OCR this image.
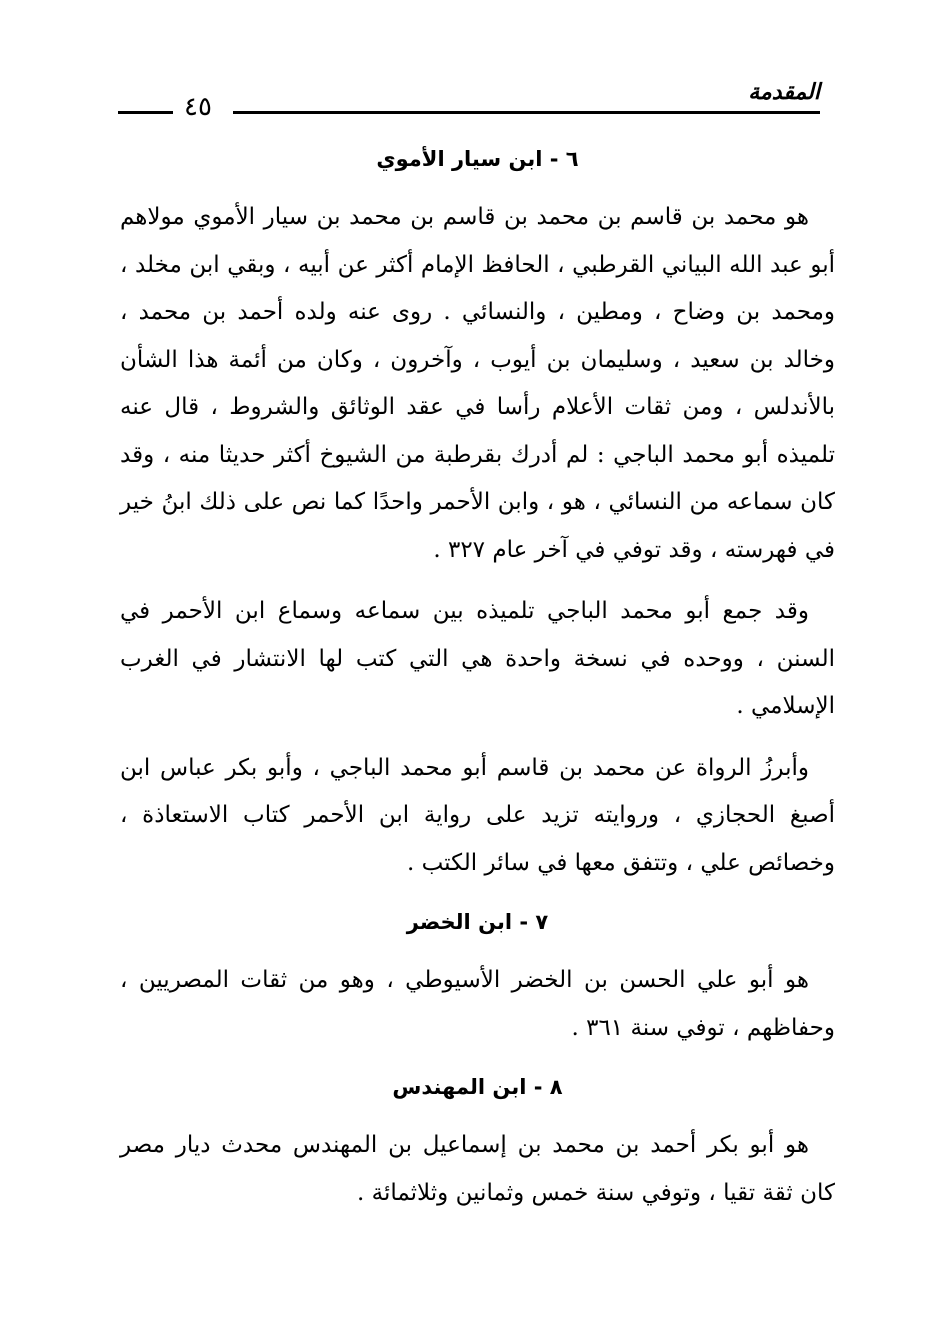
المقدمة
٤٥
٦ - ابن سيار الأموي

هو محمد بن قاسم بن محمد بن قاسم بن محمد بن سيار الأموي مولاهم أبو عبد الله البياني القرطبي ، الحافظ الإمام أكثر عن أبيه ، وبقي ابن مخلد ، ومحمد بن وضاح ، ومطين ، والنسائي . روى عنه ولده أحمد بن محمد ، وخالد بن سعيد ، وسليمان بن أيوب ، وآخرون ، وكان من أئمة هذا الشأن بالأندلس ، ومن ثقات الأعلام رأسا في عقد الوثائق والشروط ، قال عنه تلميذه أبو محمد الباجي : لم أدرك بقرطبة من الشيوخ أكثر حديثا منه ، وقد كان سماعه من النسائي ، هو ، وابن الأحمر واحدًا كما نص على ذلك ابنُ خير في فهرسته ، وقد توفي في آخر عام ٣٢٧ .

وقد جمع أبو محمد الباجي تلميذه بين سماعه وسماع ابن الأحمر في السنن ، ووحده في نسخة واحدة هي التي كتب لها الانتشار في الغرب الإسلامي .

وأبرزُ الرواة عن محمد بن قاسم أبو محمد الباجي ، وأبو بكر عباس ابن أصبغ الحجازي ، وروايته تزيد على رواية ابن الأحمر كتاب الاستعاذة ، وخصائص علي ، وتتفق معها في سائر الكتب .

٧ - ابن الخضر

هو أبو علي الحسن بن الخضر الأسيوطي ، وهو من ثقات المصريين ، وحفاظهم ، توفي سنة ٣٦١ .

٨ - ابن المهندس

هو أبو بكر أحمد بن محمد بن إسماعيل بن المهندس محدث ديار مصر كان ثقة تقيا ، وتوفي سنة خمس وثمانين وثلاثمائة .
